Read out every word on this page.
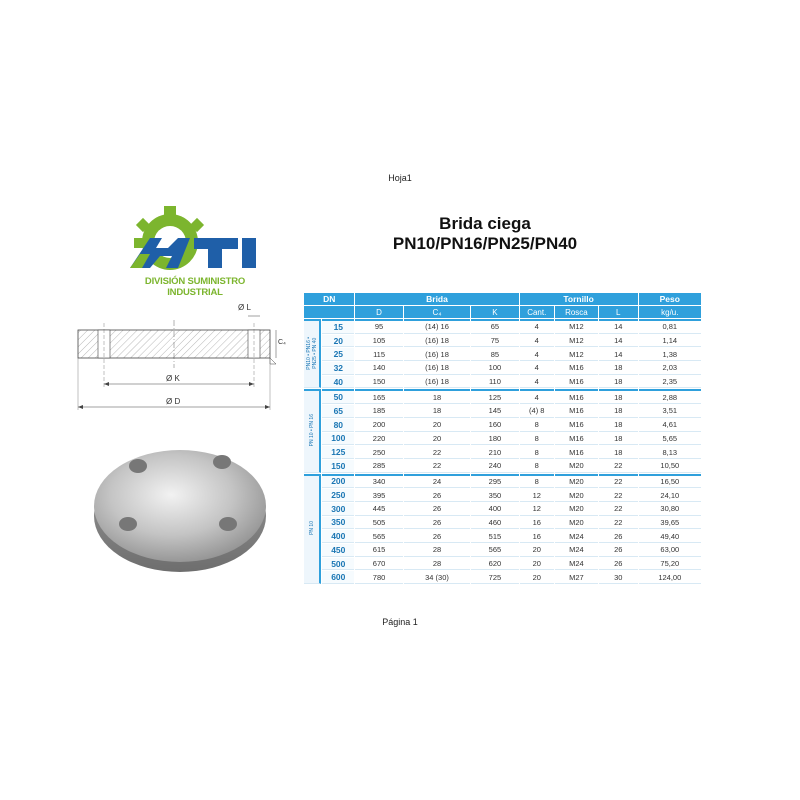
Hoja1
MTI
DIVISIÓN SUMINISTRO INDUSTRIAL
Brida ciega
PN10/PN16/PN25/PN40
Ø L
C₄
Ø K
Ø D
DN		Brida			Tornillo			Peso
		D	C₄	K	Cant.	Rosca	L	kg/u.
PN10 • PN16 •
PN25 • PN 40	15	95	(14) 16	65	4	M12	14	0,81
	20	105	(16) 18	75	4	M12	14	1,14
	25	115	(16) 18	85	4	M12	14	1,38
	32	140	(16) 18	100	4	M16	18	2,03
	40	150	(16) 18	110	4	M16	18	2,35
PN 10 • PN 16	50	165	18	125	4	M16	18	2,88
	65	185	18	145	(4) 8	M16	18	3,51
	80	200	20	160	8	M16	18	4,61
	100	220	20	180	8	M16	18	5,65
	125	250	22	210	8	M16	18	8,13
	150	285	22	240	8	M20	22	10,50
PN 10	200	340	24	295	8	M20	22	16,50
	250	395	26	350	12	M20	22	24,10
	300	445	26	400	12	M20	22	30,80
	350	505	26	460	16	M20	22	39,65
	400	565	26	515	16	M24	26	49,40
	450	615	28	565	20	M24	26	63,00
	500	670	28	620	20	M24	26	75,20
	600	780	34 (30)	725	20	M27	30	124,00
Página 1
